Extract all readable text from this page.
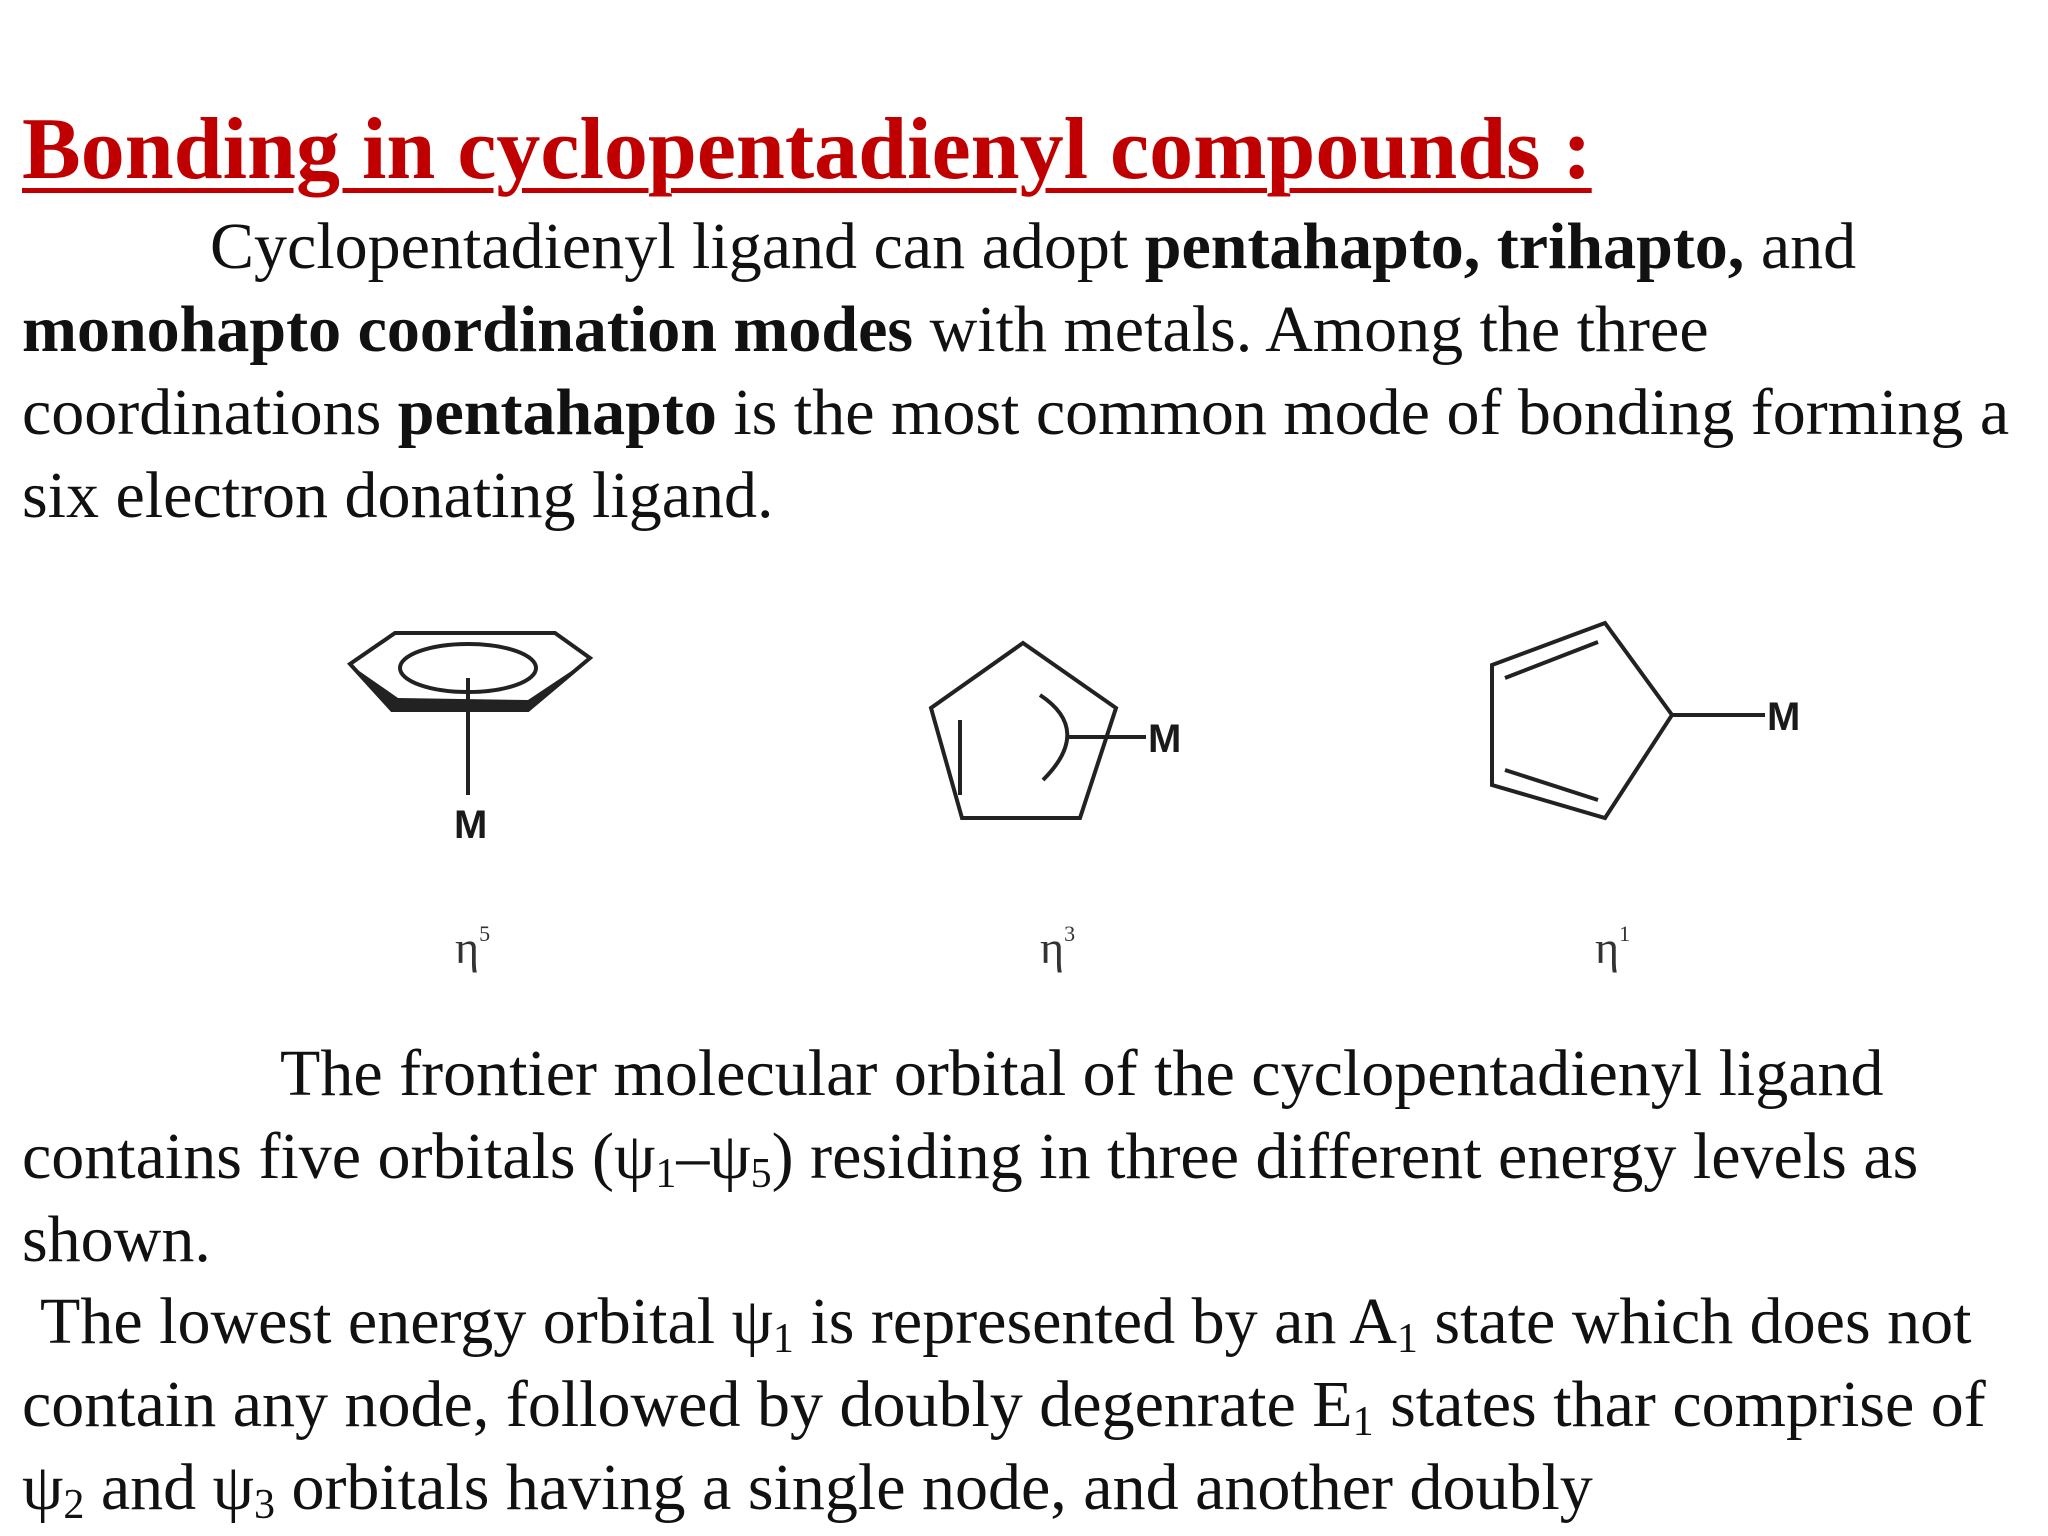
Bonding in cyclopentadienyl compounds :

Cyclopentadienyl ligand can adopt pentahapto, trihapto, and monohapto coordination modes with metals. Among the three coordinations pentahapto is the most common mode of bonding forming a six electron donating ligand.

M
M	M
$\eta^5$	$\eta^3$	$\eta^1$

The frontier molecular orbital of the cyclopentadienyl ligand contains five orbitals $(\psi_1-\psi_5)$ residing in three different energy levels as shown.

The lowest energy orbital $\psi_1$ is represented by an $A_1$ state which does not contain any node, followed by doubly degenrate $E_1$ states thar comprise of $\psi_2$ and $\psi_3$ orbitals having a single node, and another doubly
